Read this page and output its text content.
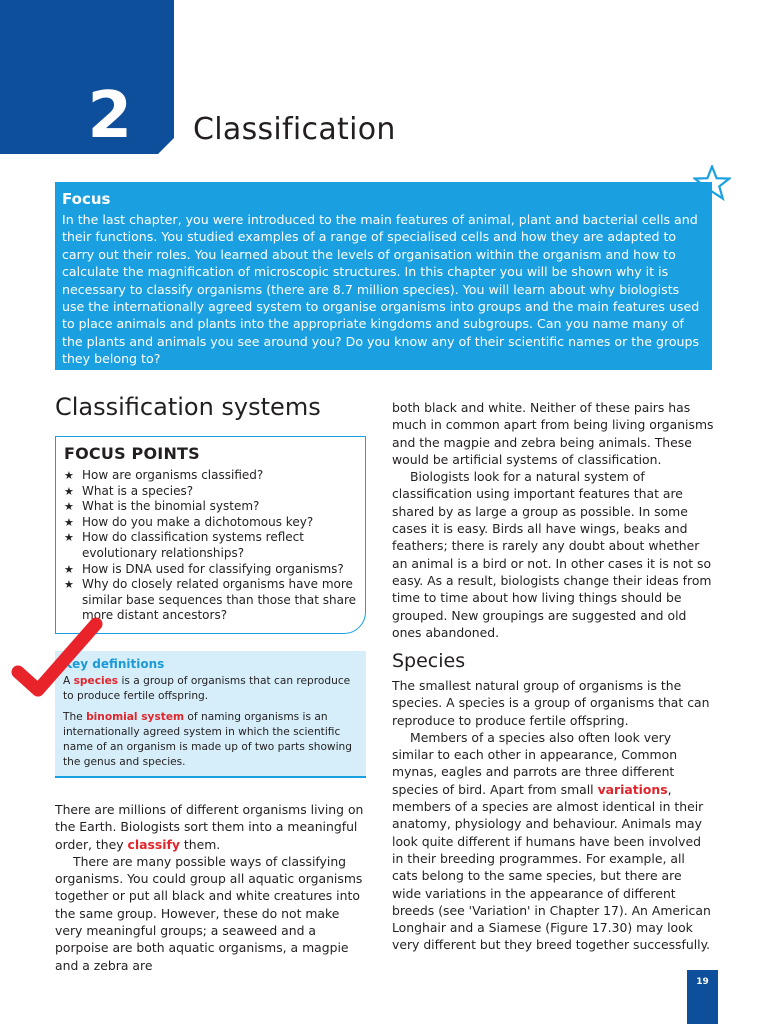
2	Classification
Focus
In the last chapter, you were introduced to the main features of animal, plant and bacterial cells and their functions. You studied examples of a range of specialised cells and how they are adapted to carry out their roles. You learned about the levels of organisation within the organism and how to calculate the magnification of microscopic structures. In this chapter you will be shown why it is necessary to classify organisms (there are 8.7 million species). You will learn about why biologists use the internationally agreed system to organise organisms into groups and the main features used to place animals and plants into the appropriate kingdoms and subgroups. Can you name many of the plants and animals you see around you? Do you know any of their scientific names or the groups they belong to?
Classification systems
FOCUS POINTS
★ How are organisms classified?
★ What is a species?
★ What is the binomial system?
★ How do you make a dichotomous key?
★ How do classification systems reflect evolutionary relationships?
★ How is DNA used for classifying organisms?
★ Why do closely related organisms have more similar base sequences than those that share more distant ancestors?
Key definitions

A species is a group of organisms that can reproduce to produce fertile offspring.

The binomial system of naming organisms is an internationally agreed system in which the scientific name of an organism is made up of two parts showing the genus and species.

There are millions of different organisms living on the Earth. Biologists sort them into a meaningful order, they classify them.

There are many possible ways of classifying organisms. You could group all aquatic organisms together or put all black and white creatures into the same group. However, these do not make very meaningful groups; a seaweed and a porpoise are both aquatic organisms, a magpie and a zebra are

both black and white. Neither of these pairs has much in common apart from being living organisms and the magpie and zebra being animals. These would be artificial systems of classification.

Biologists look for a natural system of classification using important features that are shared by as large a group as possible. In some cases it is easy. Birds all have wings, beaks and feathers; there is rarely any doubt about whether an animal is a bird or not. In other cases it is not so easy. As a result, biologists change their ideas from time to time about how living things should be grouped. New groupings are suggested and old ones abandoned.

Species

The smallest natural group of organisms is the species. A species is a group of organisms that can reproduce to produce fertile offspring.

Members of a species also often look very similar to each other in appearance, Common mynas, eagles and parrots are three different species of bird. Apart from small variations, members of a species are almost identical in their anatomy, physiology and behaviour. Animals may look quite different if humans have been involved in their breeding programmes. For example, all cats belong to the same species, but there are wide variations in the appearance of different breeds (see 'Variation' in Chapter 17). An American Longhair and a Siamese (Figure 17.30) may look very different but they breed together successfully.

19
